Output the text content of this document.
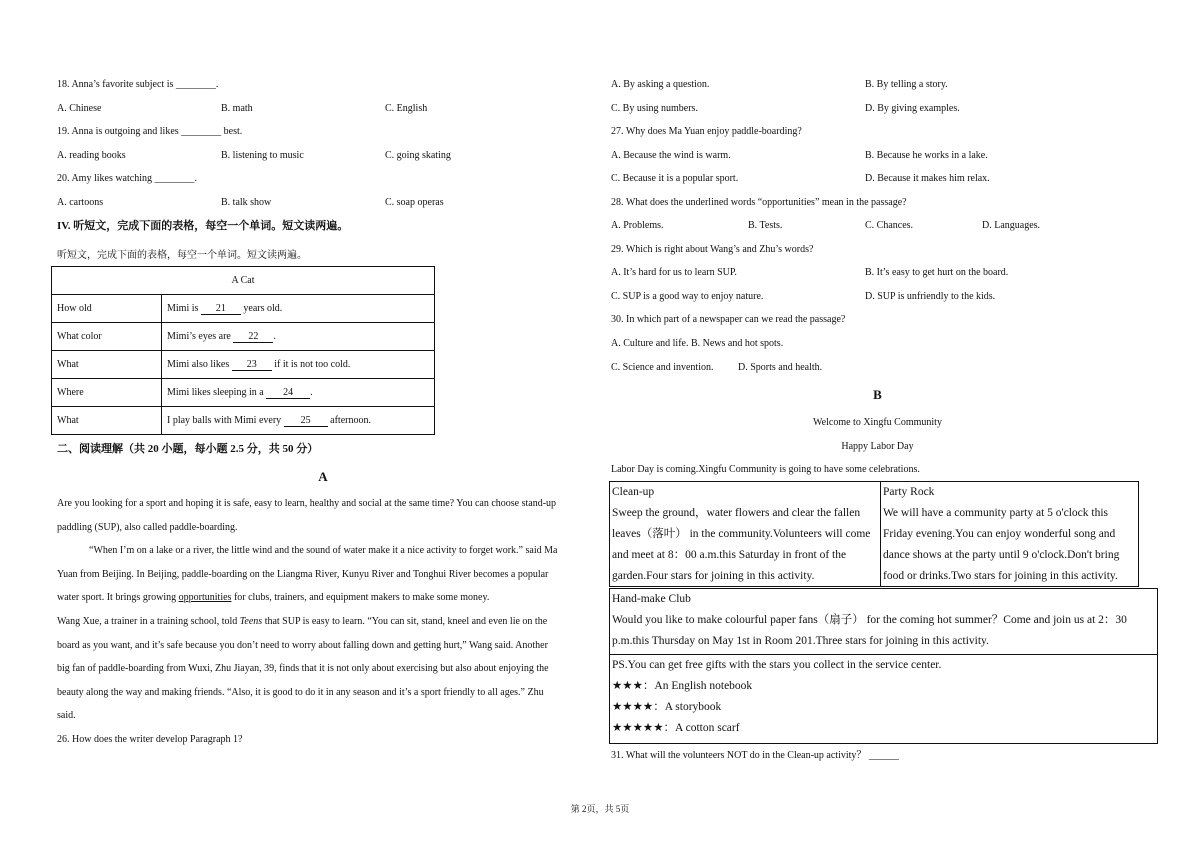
18. Anna’s favorite subject is ________.
A. Chinese	B. math	C. English
19. Anna is outgoing and likes ________ best.
A. reading books	B. listening to music	C. going skating
20. Amy likes watching ________.
A. cartoons	B. talk show	C. soap operas
IV. 听短文，完成下面的表格，每空一个单词。短文读两遍。
听短文，完成下面的表格，每空一个单词。短文读两遍。
A Cat	
How old	Mimi is 21 years old.
What color	Mimi’s eyes are 22 .
What	Mimi also likes 23 if it is not too cold.
Where	Mimi likes sleeping in a 24 .
What	I play balls with Mimi every 25 afternoon.
二、阅读理解（共 20 小题，每小题 2.5 分，共 50 分）
A
Are you looking for a sport and hoping it is safe, easy to learn, healthy and social at the same time? You can choose stand-up
paddling (SUP), also called paddle-boarding.
“When I’m on a lake or a river, the little wind and the sound of water make it a nice activity to forget work.” said Ma
Yuan from Beijing. In Beijing, paddle-boarding on the Liangma River, Kunyu River and Tonghui River becomes a popular
water sport. It brings growing opportunities for clubs, trainers, and equipment makers to make some money.
Wang Xue, a trainer in a training school, told Teens that SUP is easy to learn. “You can sit, stand, kneel and even lie on the
board as you want, and it’s safe because you don’t need to worry about falling down and getting hurt,” Wang said. Another
big fan of paddle-boarding from Wuxi, Zhu Jiayan, 39, finds that it is not only about exercising but also about enjoying the
beauty along the way and making friends. “Also, it is good to do it in any season and it’s a sport friendly to all ages.” Zhu
said.
26. How does the writer develop Paragraph 1?
A. By asking a question.	B. By telling a story.
C. By using numbers.	D. By giving examples.
27. Why does Ma Yuan enjoy paddle-boarding?
A. Because the wind is warm.	B. Because he works in a lake.
C. Because it is a popular sport.	D. Because it makes him relax.
28. What does the underlined words “opportunities” mean in the passage?
A. Problems.	B. Tests.	C. Chances.	D. Languages.
29. Which is right about Wang’s and Zhu’s words?
A. It’s hard for us to learn SUP.	B. It’s easy to get hurt on the board.
C. SUP is a good way to enjoy nature.	D. SUP is unfriendly to the kids.
30. In which part of a newspaper can we read the passage?
A. Culture and life. B. News and hot spots.
C. Science and invention. D. Sports and health.
B
Welcome to Xingfu Community
Happy Labor Day
Labor Day is coming.Xingfu Community is going to have some celebrations.
Clean-up
Sweep the ground，water flowers and clear the fallen
leaves（落叶） in the community.Volunteers will come
and meet at 8：00 a.m.this Saturday in front of the
garden.Four stars for joining in this activity.
Party Rock
We will have a community party at 5 o'clock this
Friday evening.You can enjoy wonderful song and
dance shows at the party until 9 o'clock.Don't bring
food or drinks.Two stars for joining in this activity.
Hand-make Club
Would you like to make colourful paper fans（扇子） for the coming hot summer？Come and join us at 2：30
p.m.this Thursday on May 1st in Room 201.Three stars for joining in this activity.
PS.You can get free gifts with the stars you collect in the service center.
★★★：An English notebook
★★★★：A storybook
★★★★★：A cotton scarf
31. What will the volunteers NOT do in the Clean-up activity？ ______
第 2页，共 5页
